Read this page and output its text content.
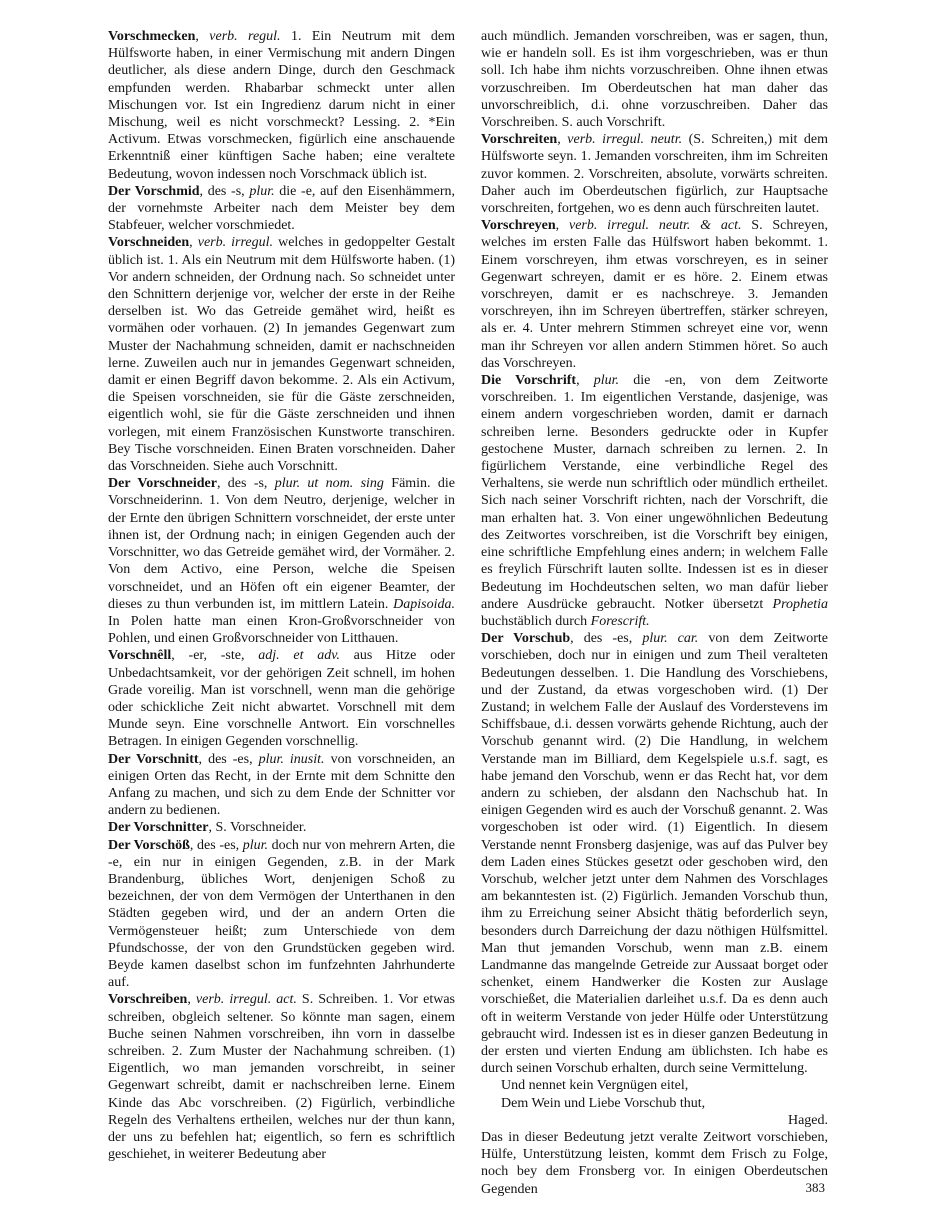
Vorschmecken, verb. regul. 1. Ein Neutrum mit dem Hülfsworte haben, in einer Vermischung mit andern Dingen deutlicher, als diese andern Dinge, durch den Geschmack empfunden werden. Rhabarbar schmeckt unter allen Mischungen vor. Ist ein Ingredienz darum nicht in einer Mischung, weil es nicht vorschmeckt? Lessing. 2. *Ein Activum. Etwas vorschmecken, figürlich eine anschauende Erkenntniß einer künftigen Sache haben; eine veraltete Bedeutung, wovon indessen noch Vorschmack üblich ist.

Der Vorschmid, des -s, plur. die -e, auf den Eisenhämmern, der vornehmste Arbeiter nach dem Meister bey dem Stabfeuer, welcher vorschmiedet.

Vorschneiden, verb. irregul. welches in gedoppelter Gestalt üblich ist. 1. Als ein Neutrum mit dem Hülfsworte haben. (1) Vor andern schneiden, der Ordnung nach. So schneidet unter den Schnittern derjenige vor, welcher der erste in der Reihe derselben ist. Wo das Getreide gemähet wird, heißt es vormähen oder vorhauen. (2) In jemandes Gegenwart zum Muster der Nachahmung schneiden, damit er nachschneiden lerne. Zuweilen auch nur in jemandes Gegenwart schneiden, damit er einen Begriff davon bekomme. 2. Als ein Activum, die Speisen vorschneiden, sie für die Gäste zerschneiden, eigentlich wohl, sie für die Gäste zerschneiden und ihnen vorlegen, mit einem Französischen Kunstworte transchiren. Bey Tische vorschneiden. Einen Braten vorschneiden. Daher das Vorschneiden. Siehe auch Vorschnitt.

Der Vorschneider, des -s, plur. ut nom. sing Fämin. die Vorschneiderinn. 1. Von dem Neutro, derjenige, welcher in der Ernte den übrigen Schnittern vorschneidet, der erste unter ihnen ist, der Ordnung nach; in einigen Gegenden auch der Vorschnitter, wo das Getreide gemähet wird, der Vormäher. 2. Von dem Activo, eine Person, welche die Speisen vorschneidet, und an Höfen oft ein eigener Beamter, der dieses zu thun verbunden ist, im mittlern Latein. Dapisoida. In Polen hatte man einen Kron-Großvorschneider von Pohlen, und einen Großvorschneider von Litthauen.

Vorschnêll, -er, -ste, adj. et adv. aus Hitze oder Unbedachtsamkeit, vor der gehörigen Zeit schnell, im hohen Grade voreilig. Man ist vorschnell, wenn man die gehörige oder schickliche Zeit nicht abwartet. Vorschnell mit dem Munde seyn. Eine vorschnelle Antwort. Ein vorschnelles Betragen. In einigen Gegenden vorschnellig.

Der Vorschnitt, des -es, plur. inusit. von vorschneiden, an einigen Orten das Recht, in der Ernte mit dem Schnitte den Anfang zu machen, und sich zu dem Ende der Schnitter vor andern zu bedienen.

Der Vorschnitter, S. Vorschneider.

Der Vorschöß, des -es, plur. doch nur von mehrern Arten, die -e, ein nur in einigen Gegenden, z.B. in der Mark Brandenburg, übliches Wort, denjenigen Schoß zu bezeichnen, der von dem Vermögen der Unterthanen in den Städten gegeben wird, und der an andern Orten die Vermögensteuer heißt; zum Unterschiede von dem Pfundschosse, der von den Grundstücken gegeben wird. Beyde kamen daselbst schon im funfzehnten Jahrhunderte auf.

Vorschreiben, verb. irregul. act. S. Schreiben. 1. Vor etwas schreiben, obgleich seltener. So könnte man sagen, einem Buche seinen Nahmen vorschreiben, ihn vorn in dasselbe schreiben. 2. Zum Muster der Nachahmung schreiben. (1) Eigentlich, wo man jemanden vorschreibt, in seiner Gegenwart schreibt, damit er nachschreiben lerne. Einem Kinde das Abc vorschreiben. (2) Figürlich, verbindliche Regeln des Verhaltens ertheilen, welches nur der thun kann, der uns zu befehlen hat; eigentlich, so fern es schriftlich geschiehet, in weiterer Bedeutung aber

auch mündlich. Jemanden vorschreiben, was er sagen, thun, wie er handeln soll. Es ist ihm vorgeschrieben, was er thun soll. Ich habe ihm nichts vorzuschreiben. Ohne ihnen etwas vorzuschreiben. Im Oberdeutschen hat man daher das unvorschreiblich, d.i. ohne vorzuschreiben. Daher das Vorschreiben. S. auch Vorschrift.

Vorschreiten, verb. irregul. neutr. (S. Schreiten,) mit dem Hülfsworte seyn. 1. Jemanden vorschreiten, ihm im Schreiten zuvor kommen. 2. Vorschreiten, absolute, vorwärts schreiten. Daher auch im Oberdeutschen figürlich, zur Hauptsache vorschreiten, fortgehen, wo es denn auch fürschreiten lautet.

Vorschreyen, verb. irregul. neutr. & act. S. Schreyen, welches im ersten Falle das Hülfswort haben bekommt. 1. Einem vorschreyen, ihm etwas vorschreyen, es in seiner Gegenwart schreyen, damit er es höre. 2. Einem etwas vorschreyen, damit er es nachschreye. 3. Jemanden vorschreyen, ihn im Schreyen übertreffen, stärker schreyen, als er. 4. Unter mehrern Stimmen schreyet eine vor, wenn man ihr Schreyen vor allen andern Stimmen höret. So auch das Vorschreyen.

Die Vorschrift, plur. die -en, von dem Zeitworte vorschreiben. 1. Im eigentlichen Verstande, dasjenige, was einem andern vorgeschrieben worden, damit er darnach schreiben lerne. Besonders gedruckte oder in Kupfer gestochene Muster, darnach schreiben zu lernen. 2. In figürlichem Verstande, eine verbindliche Regel des Verhaltens, sie werde nun schriftlich oder mündlich ertheilet. Sich nach seiner Vorschrift richten, nach der Vorschrift, die man erhalten hat. 3. Von einer ungewöhnlichen Bedeutung des Zeitwortes vorschreiben, ist die Vorschrift bey einigen, eine schriftliche Empfehlung eines andern; in welchem Falle es freylich Fürschrift lauten sollte. Indessen ist es in dieser Bedeutung im Hochdeutschen selten, wo man dafür lieber andere Ausdrücke gebraucht. Notker übersetzt Prophetia buchstäblich durch Forescrift.

Der Vorschub, des -es, plur. car. von dem Zeitworte vorschieben, doch nur in einigen und zum Theil veralteten Bedeutungen desselben. 1. Die Handlung des Vorschiebens, und der Zustand, da etwas vorgeschoben wird. (1) Der Zustand; in welchem Falle der Auslauf des Vorderstevens im Schiffsbaue, d.i. dessen vorwärts gehende Richtung, auch der Vorschub genannt wird. (2) Die Handlung, in welchem Verstande man im Billiard, dem Kegelspiele u.s.f. sagt, es habe jemand den Vorschub, wenn er das Recht hat, vor dem andern zu schieben, der alsdann den Nachschub hat. In einigen Gegenden wird es auch der Vorschuß genannt. 2. Was vorgeschoben ist oder wird. (1) Eigentlich. In diesem Verstande nennt Fronsberg dasjenige, was auf das Pulver bey dem Laden eines Stückes gesetzt oder geschoben wird, den Vorschub, welcher jetzt unter dem Nahmen des Vorschlages am bekanntesten ist. (2) Figürlich. Jemanden Vorschub thun, ihm zu Erreichung seiner Absicht thätig beforderlich seyn, besonders durch Darreichung der dazu nöthigen Hülfsmittel. Man thut jemanden Vorschub, wenn man z.B. einem Landmanne das mangelnde Getreide zur Aussaat borget oder schenket, einem Handwerker die Kosten zur Auslage vorschießet, die Materialien darleihet u.s.f. Da es denn auch oft in weiterm Verstande von jeder Hülfe oder Unterstützung gebraucht wird. Indessen ist es in dieser ganzen Bedeutung in der ersten und vierten Endung am üblichsten. Ich habe es durch seinen Vorschub erhalten, durch seine Vermittelung.

Und nennet kein Vergnügen eitel,

Dem Wein und Liebe Vorschub thut,

Haged.

Das in dieser Bedeutung jetzt veralte Zeitwort vorschieben, Hülfe, Unterstützung leisten, kommt dem Frisch zu Folge, noch bey dem Fronsberg vor. In einigen Oberdeutschen Gegenden	383
